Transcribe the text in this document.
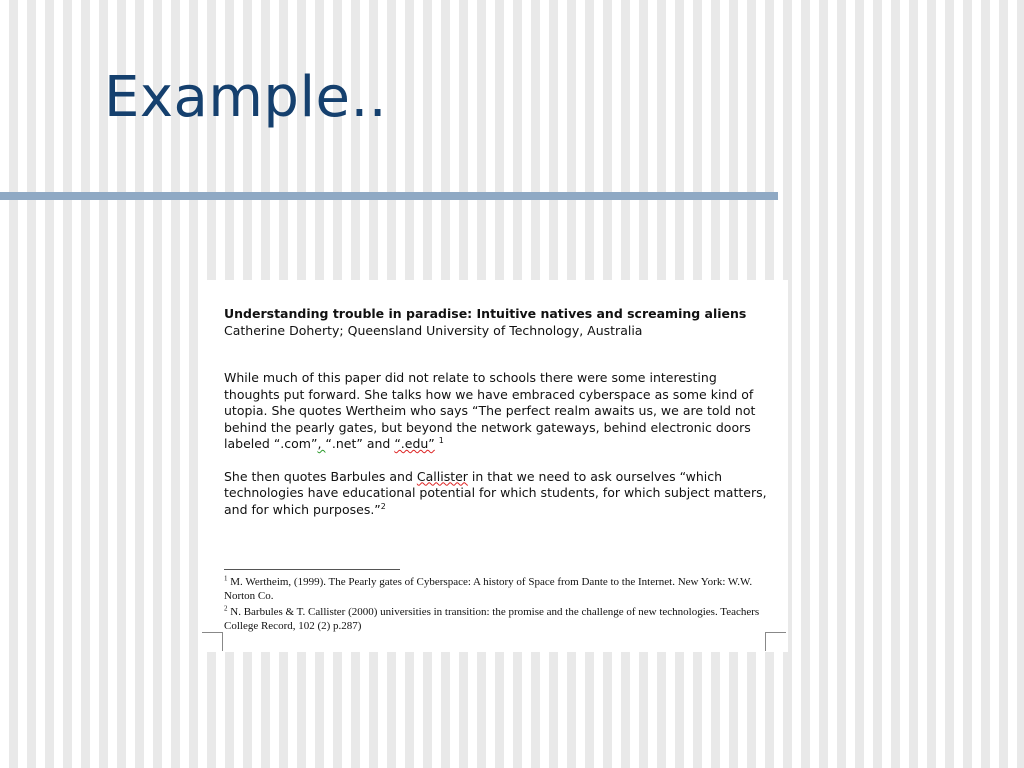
Example..

Understanding trouble in paradise: Intuitive natives and screaming aliens

Catherine Doherty; Queensland University of Technology, Australia

While much of this paper did not relate to schools there were some interesting thoughts put forward. She talks how we have embraced cyberspace as some kind of utopia. She quotes Wertheim who says “The perfect realm awaits us, we are told not behind the pearly gates, but beyond the network gateways, behind electronic doors labeled “.com”, “.net” and “.edu” $^1$

She then quotes Barbules and Callister in that we need to ask ourselves “which technologies have educational potential for which students, for which subject matters, and for which purposes.”$^2$

$^1$ M. Wertheim, (1999). The Pearly gates of Cyberspace: A history of Space from Dante to the Internet. New York: W.W. Norton Co.

$^2$ N. Barbules & T. Callister (2000) universities in transition: the promise and the challenge of new technologies. Teachers College Record, 102 (2) p.287)
